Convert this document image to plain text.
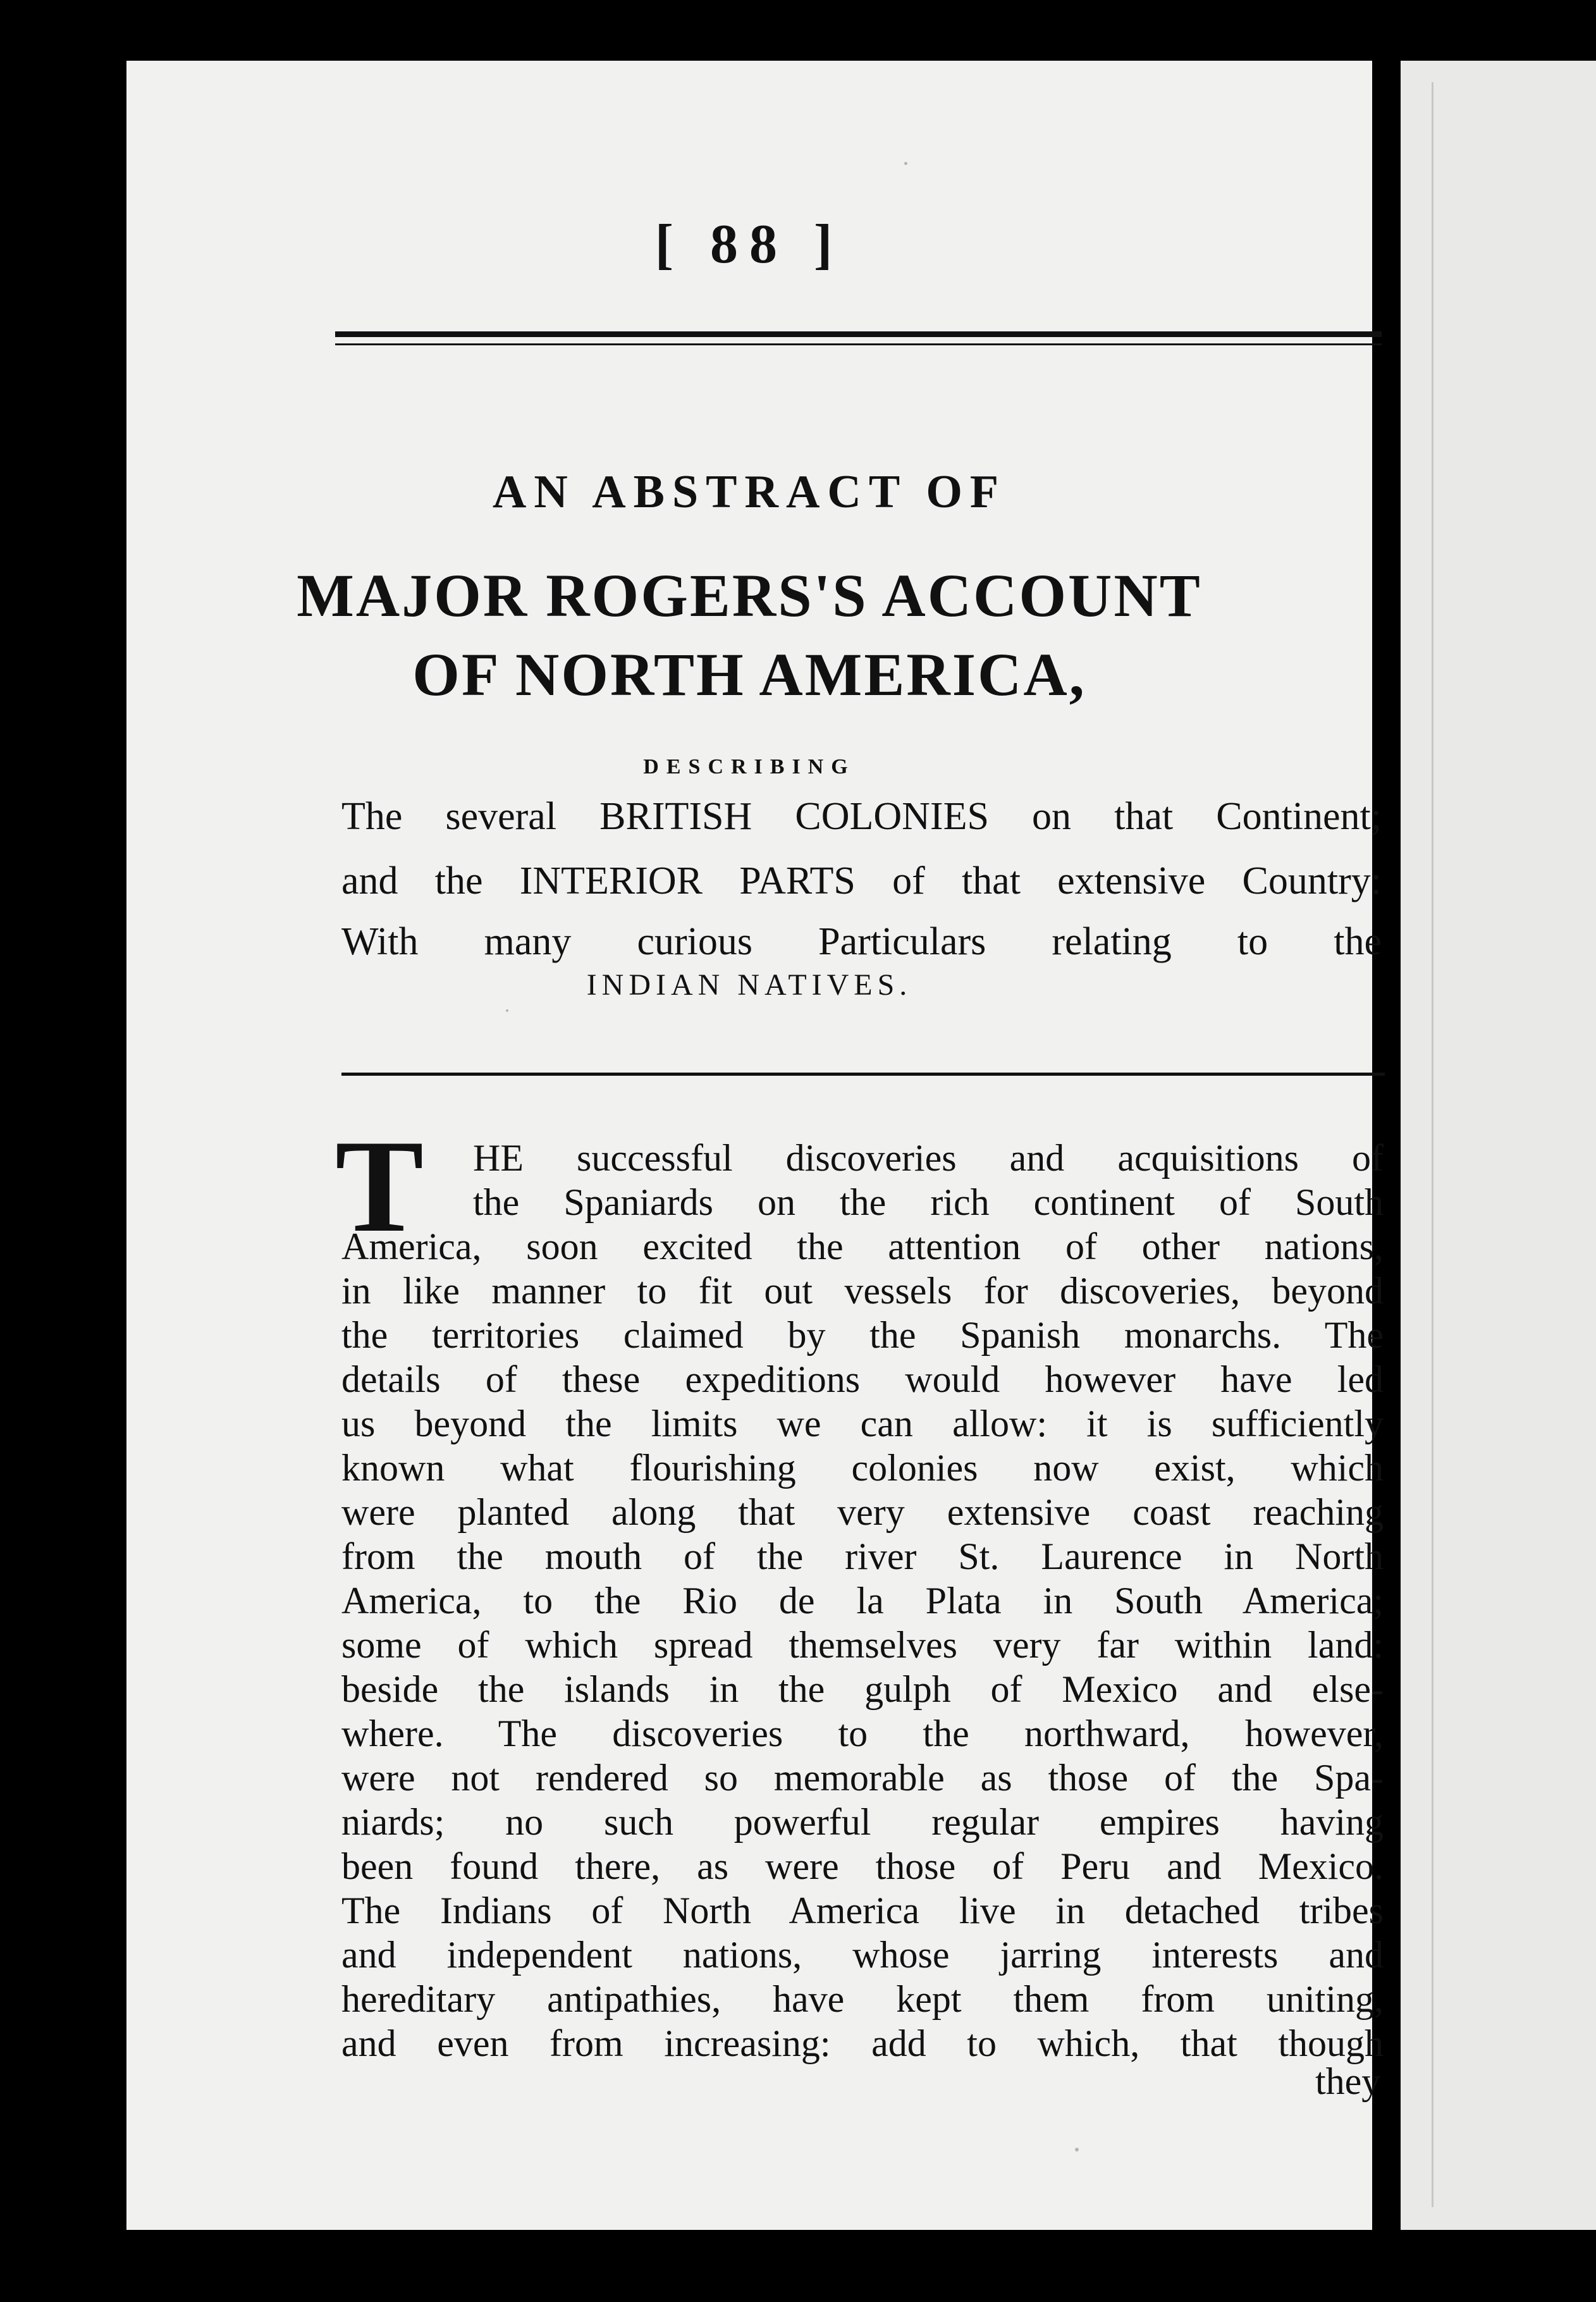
[ 88 ]
AN ABSTRACT OF
MAJOR ROGERS'S ACCOUNT
OF NORTH AMERICA,
DESCRIBING
The several BRITISH COLONIES on that Continent;
and the INTERIOR PARTS of that extensive Country:
With many curious Particulars relating to the
INDIAN NATIVES.
T HE successful discoveries and acquisitions of
the Spaniards on the rich continent of South
America, soon excited the attention of other nations,
in like manner to fit out vessels for discoveries, beyond
the territories claimed by the Spanish monarchs. The
details of these expeditions would however have led
us beyond the limits we can allow: it is sufficiently
known what flourishing colonies now exist, which
were planted along that very extensive coast reaching
from the mouth of the river St. Laurence in North
America, to the Rio de la Plata in South America;
some of which spread themselves very far within land:
beside the islands in the gulph of Mexico and else-
where. The discoveries to the northward, however,
were not rendered so memorable as those of the Spa-
niards; no such powerful regular empires having
been found there, as were those of Peru and Mexico.
The Indians of North America live in detached tribes
and independent nations, whose jarring interests and
hereditary antipathies, have kept them from uniting,
and even from increasing: add to which, that though
they
